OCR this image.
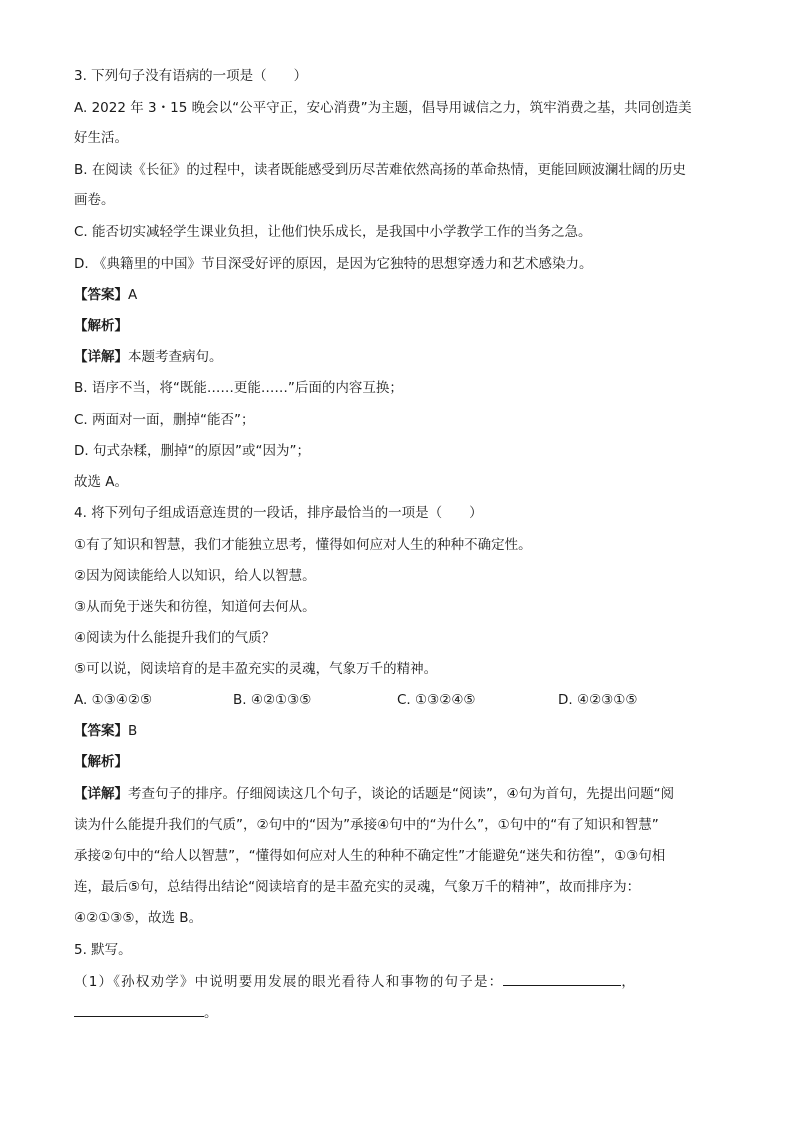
3. 下列句子没有语病的一项是（　　）
A. 2022 年 3・15 晚会以“公平守正，安心消费”为主题，倡导用诚信之力，筑牢消费之基，共同创造美
好生活。
B. 在阅读《长征》的过程中，读者既能感受到历尽苦难依然高扬的革命热情，更能回顾波澜壮阔的历史
画卷。
C. 能否切实减轻学生课业负担，让他们快乐成长，是我国中小学教学工作的当务之急。
D. 《典籍里的中国》节目深受好评的原因，是因为它独特的思想穿透力和艺术感染力。
【答案】A
【解析】
【详解】本题考查病句。
B. 语序不当，将“既能……更能……”后面的内容互换；
C. 两面对一面，删掉“能否”；
D. 句式杂糅，删掉“的原因”或“因为”；
故选 A。
4. 将下列句子组成语意连贯的一段话，排序最恰当的一项是（　　）
①有了知识和智慧，我们才能独立思考，懂得如何应对人生的种种不确定性。
②因为阅读能给人以知识，给人以智慧。
③从而免于迷失和彷徨，知道何去何从。
④阅读为什么能提升我们的气质？
⑤可以说，阅读培育的是丰盈充实的灵魂，气象万千的精神。
A. ①③④②⑤	B. ④②①③⑤	C. ①③②④⑤	D. ④②③①⑤
【答案】B
【解析】
【详解】考查句子的排序。仔细阅读这几个句子，谈论的话题是“阅读”，④句为首句，先提出问题“阅
读为什么能提升我们的气质”，②句中的“因为”承接④句中的“为什么”，①句中的“有了知识和智慧”
承接②句中的“给人以智慧”，“懂得如何应对人生的种种不确定性”才能避免“迷失和彷徨”，①③句相
连，最后⑤句，总结得出结论“阅读培育的是丰盈充实的灵魂，气象万千的精神”，故而排序为：
④②①③⑤，故选 B。
5. 默写。
（1）《孙权劝学》中说明要用发展的眼光看待人和事物的句子是：	，
。
